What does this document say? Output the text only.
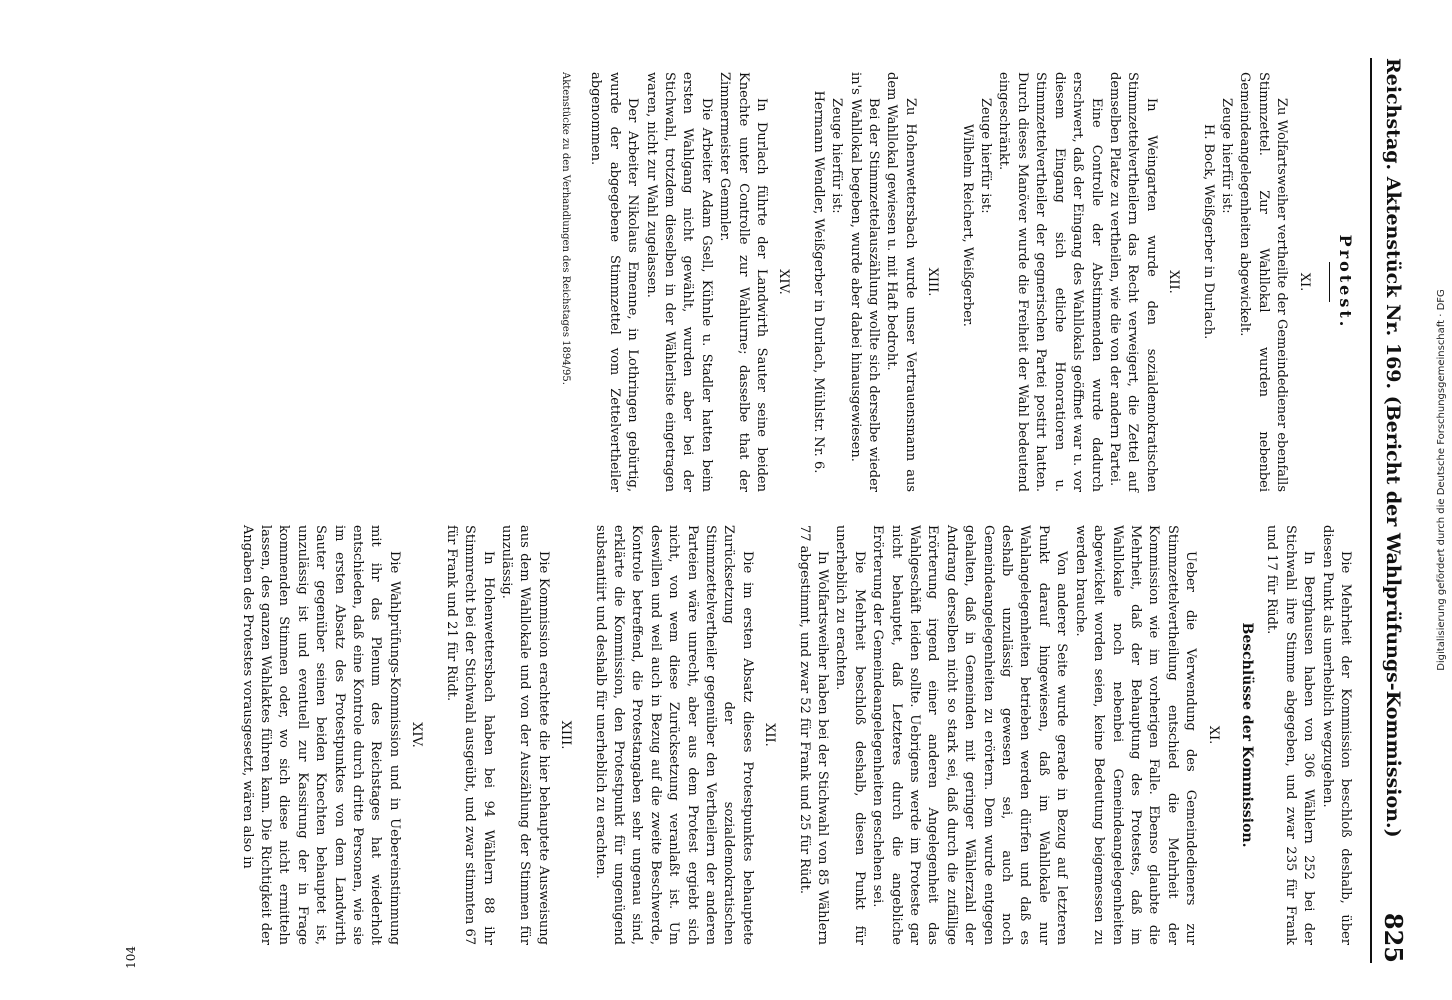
Reichstag. Aktenstück Nr. 169. (Bericht der Wahlprüfungs-Kommission.)
825
Protest.
XI.

Zu Wolfartsweiher vertheilte der Gemeindediener ebenfalls Stimmzettel. Zur Wahllokal wurden nebenbei Gemeindeangelegenheiten abgewickelt.

Zeuge hierfür ist:

H. Bock, Weißgerber in Durlach.

XII.

In Weingarten wurde den sozialdemokratischen Stimmzettelvertheilern das Recht verweigert, die Zettel auf demselben Platze zu vertheilen, wie die von der andern Partei.

Eine Controlle der Abstimmenden wurde dadurch erschwert, daß der Eingang des Wahllokals geöffnet war u. vor diesem Eingang sich etliche Honoratioren u. Stimmzettelvertheiler der gegnerischen Partei postirt hatten. Durch dieses Manöver wurde die Freiheit der Wahl bedeutend eingeschränkt.

Zeuge hierfür ist:

Wilhelm Reichert, Weißgerber.

XIII.

Zu Hohenwettersbach wurde unser Vertrauensmann aus dem Wahllokal gewiesen u. mit Haft bedroht.

Bei der Stimmzettelauszählung wollte sich derselbe wieder in's Wahllokal begeben, wurde aber dabei hinausgewiesen.

Zeuge hierfür ist:

Hermann Wendler, Weißgerber in Durlach, Mühlstr. Nr. 6.

XIV.

In Durlach führte der Landwirth Sauter seine beiden Knechte unter Controlle zur Wahlurne; dasselbe that der Zimmermeister Gemmler.

Die Arbeiter Adam Gsell, Kühnle u. Stadler hatten beim ersten Wahlgang nicht gewählt, wurden aber bei der Stichwahl, trotzdem dieselben in der Wählerliste eingetragen waren, nicht zur Wahl zugelassen.

Der Arbeiter Nikolaus Emenne, in Lothringen gebürtig, wurde der abgegebene Stimmzettel vom Zettelvertheiler abgenommen.

Aktenstücke zu den Verhandlungen des Reichstages 1894/95.

Die Mehrheit der Kommission beschloß deshalb, über diesen Punkt als unerheblich wegzugehen.

In Berghausen haben von 306 Wählern 252 bei der Stichwahl ihre Stimme abgegeben, und zwar 235 für Frank und 17 für Rüdt.

Beschlüsse der Kommission.
XI.

Ueber die Verwendung des Gemeindedieners zur Stimmzettelvertheilung entschied die Mehrheit der Kommission wie im vorherigen Falle. Ebenso glaubte die Mehrheit, daß der Behauptung des Protestes, daß im Wahllokale noch nebenbei Gemeindeangelegenheiten abgewickelt worden seien, keine Bedeutung beigemessen zu werden brauche.

Von anderer Seite wurde gerade in Bezug auf letzteren Punkt darauf hingewiesen, daß im Wahllokale nur Wahlangelegenheiten betrieben werden dürfen und daß es deshalb unzulässig gewesen sei, auch noch Gemeindeangelegenheiten zu erörtern. Dem wurde entgegen gehalten, daß in Gemeinden mit geringer Wählerzahl der Andrang derselben nicht so stark sei, daß durch die zufällige Erörterung irgend einer anderen Angelegenheit das Wahlgeschäft leiden sollte. Uebrigens werde im Proteste gar nicht behauptet, daß Letzteres durch die angebliche Erörterung der Gemeindeangelegenheiten geschehen sei.

Die Mehrheit beschloß deshalb, diesen Punkt für unerheblich zu erachten.

In Wolfartsweiher haben bei der Stichwahl von 85 Wählern 77 abgestimmt, und zwar 52 für Frank und 25 für Rüdt.

XII.

Die im ersten Absatz dieses Protestpunktes behauptete Zurücksetzung der sozialdemokratischen Stimmzettelvertheiler gegenüber den Vertheilern der anderen Parteien wäre unrecht, aber aus dem Protest ergiebt sich nicht, von wem diese Zurücksetzung veranlaßt ist. Um deswillen und weil auch in Bezug auf die zweite Beschwerde, Kontrole betreffend, die Protestangaben sehr ungenau sind, erklärte die Kommission, den Protestpunkt für ungenügend substantiirt und deshalb für unerheblich zu erachten.

XIII.

Die Kommission erachtete die hier behauptete Ausweisung aus dem Wahllokale und von der Auszählung der Stimmen für unzulässig.

In Hohenwettersbach haben bei 94 Wählern 88 ihr Stimmrecht bei der Stichwahl ausgeübt, und zwar stimmten 67 für Frank und 21 für Rüdt.

XIV.

Die Wahlprüfungs-Kommission und in Uebereinstimmung mit ihr das Plenum des Reichstages hat wiederholt entschieden, daß eine Kontrole durch dritte Personen, wie sie im ersten Absatz des Protestpunktes von dem Landwirth Sauter gegenüber seinen beiden Knechten behauptet ist, unzulässig ist und eventuell zur Kassirung der in Frage kommenden Stimmen oder, wo sich diese nicht ermitteln lassen, des ganzen Wahlaktes führen kann. Die Richtigkeit der Angaben des Protestes vorausgesetzt, wären also in

104
Digitalisierung gefördert durch die Deutsche Forschungsgemeinschaft · DFG
